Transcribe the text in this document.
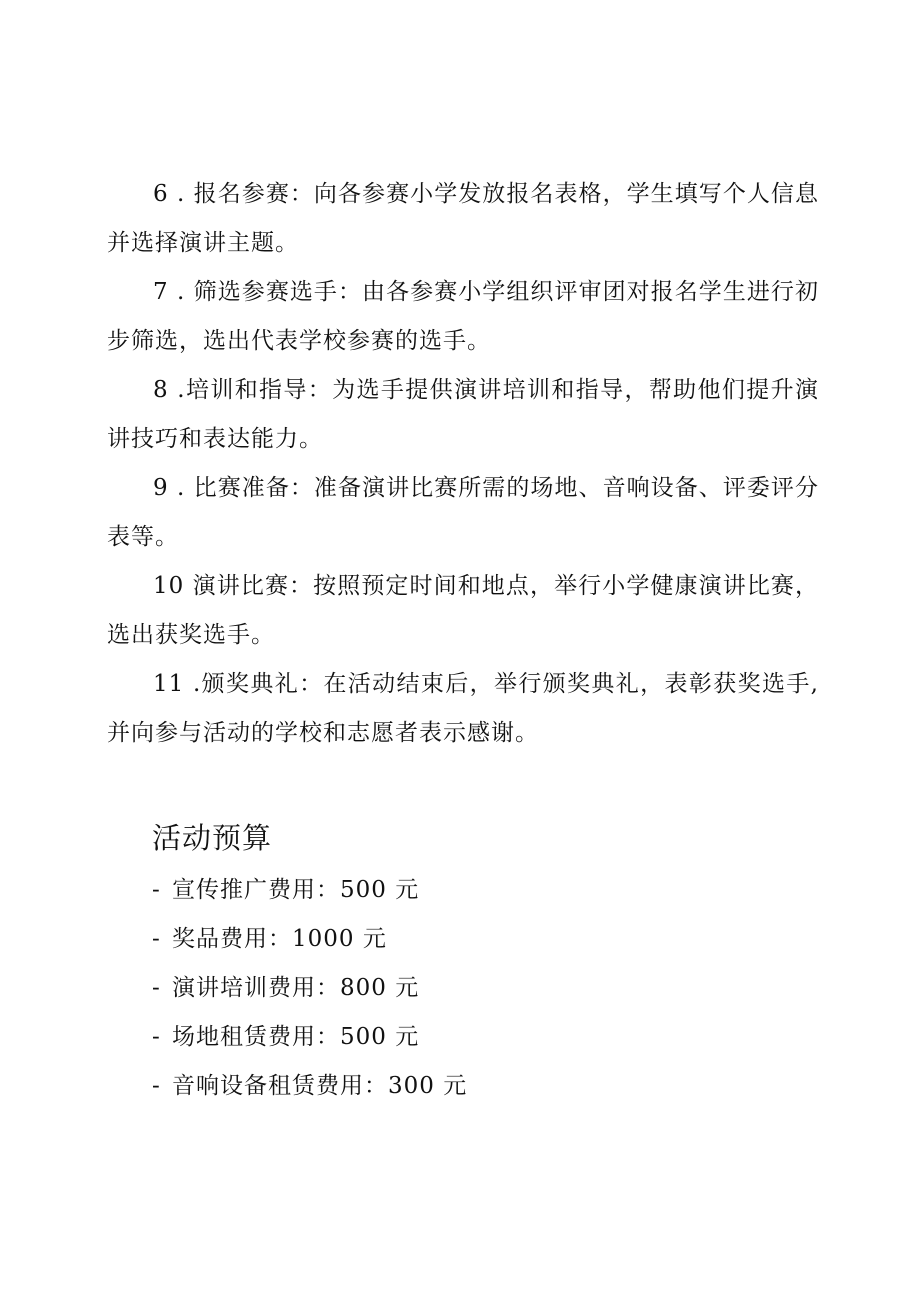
6 . 报名参赛：向各参赛小学发放报名表格，学生填写个人信息并选择演讲主题。

7 . 筛选参赛选手：由各参赛小学组织评审团对报名学生进行初步筛选，选出代表学校参赛的选手。

8 .培训和指导：为选手提供演讲培训和指导，帮助他们提升演讲技巧和表达能力。

9 . 比赛准备：准备演讲比赛所需的场地、音响设备、评委评分表等。

10 演讲比赛：按照预定时间和地点，举行小学健康演讲比赛，选出获奖选手。

11 .颁奖典礼：在活动结束后，举行颁奖典礼，表彰获奖选手, 并向参与活动的学校和志愿者表示感谢。

活动预算
- 宣传推广费用：500 元
- 奖品费用：1000 元
- 演讲培训费用：800 元
- 场地租赁费用：500 元
- 音响设备租赁费用：300 元
